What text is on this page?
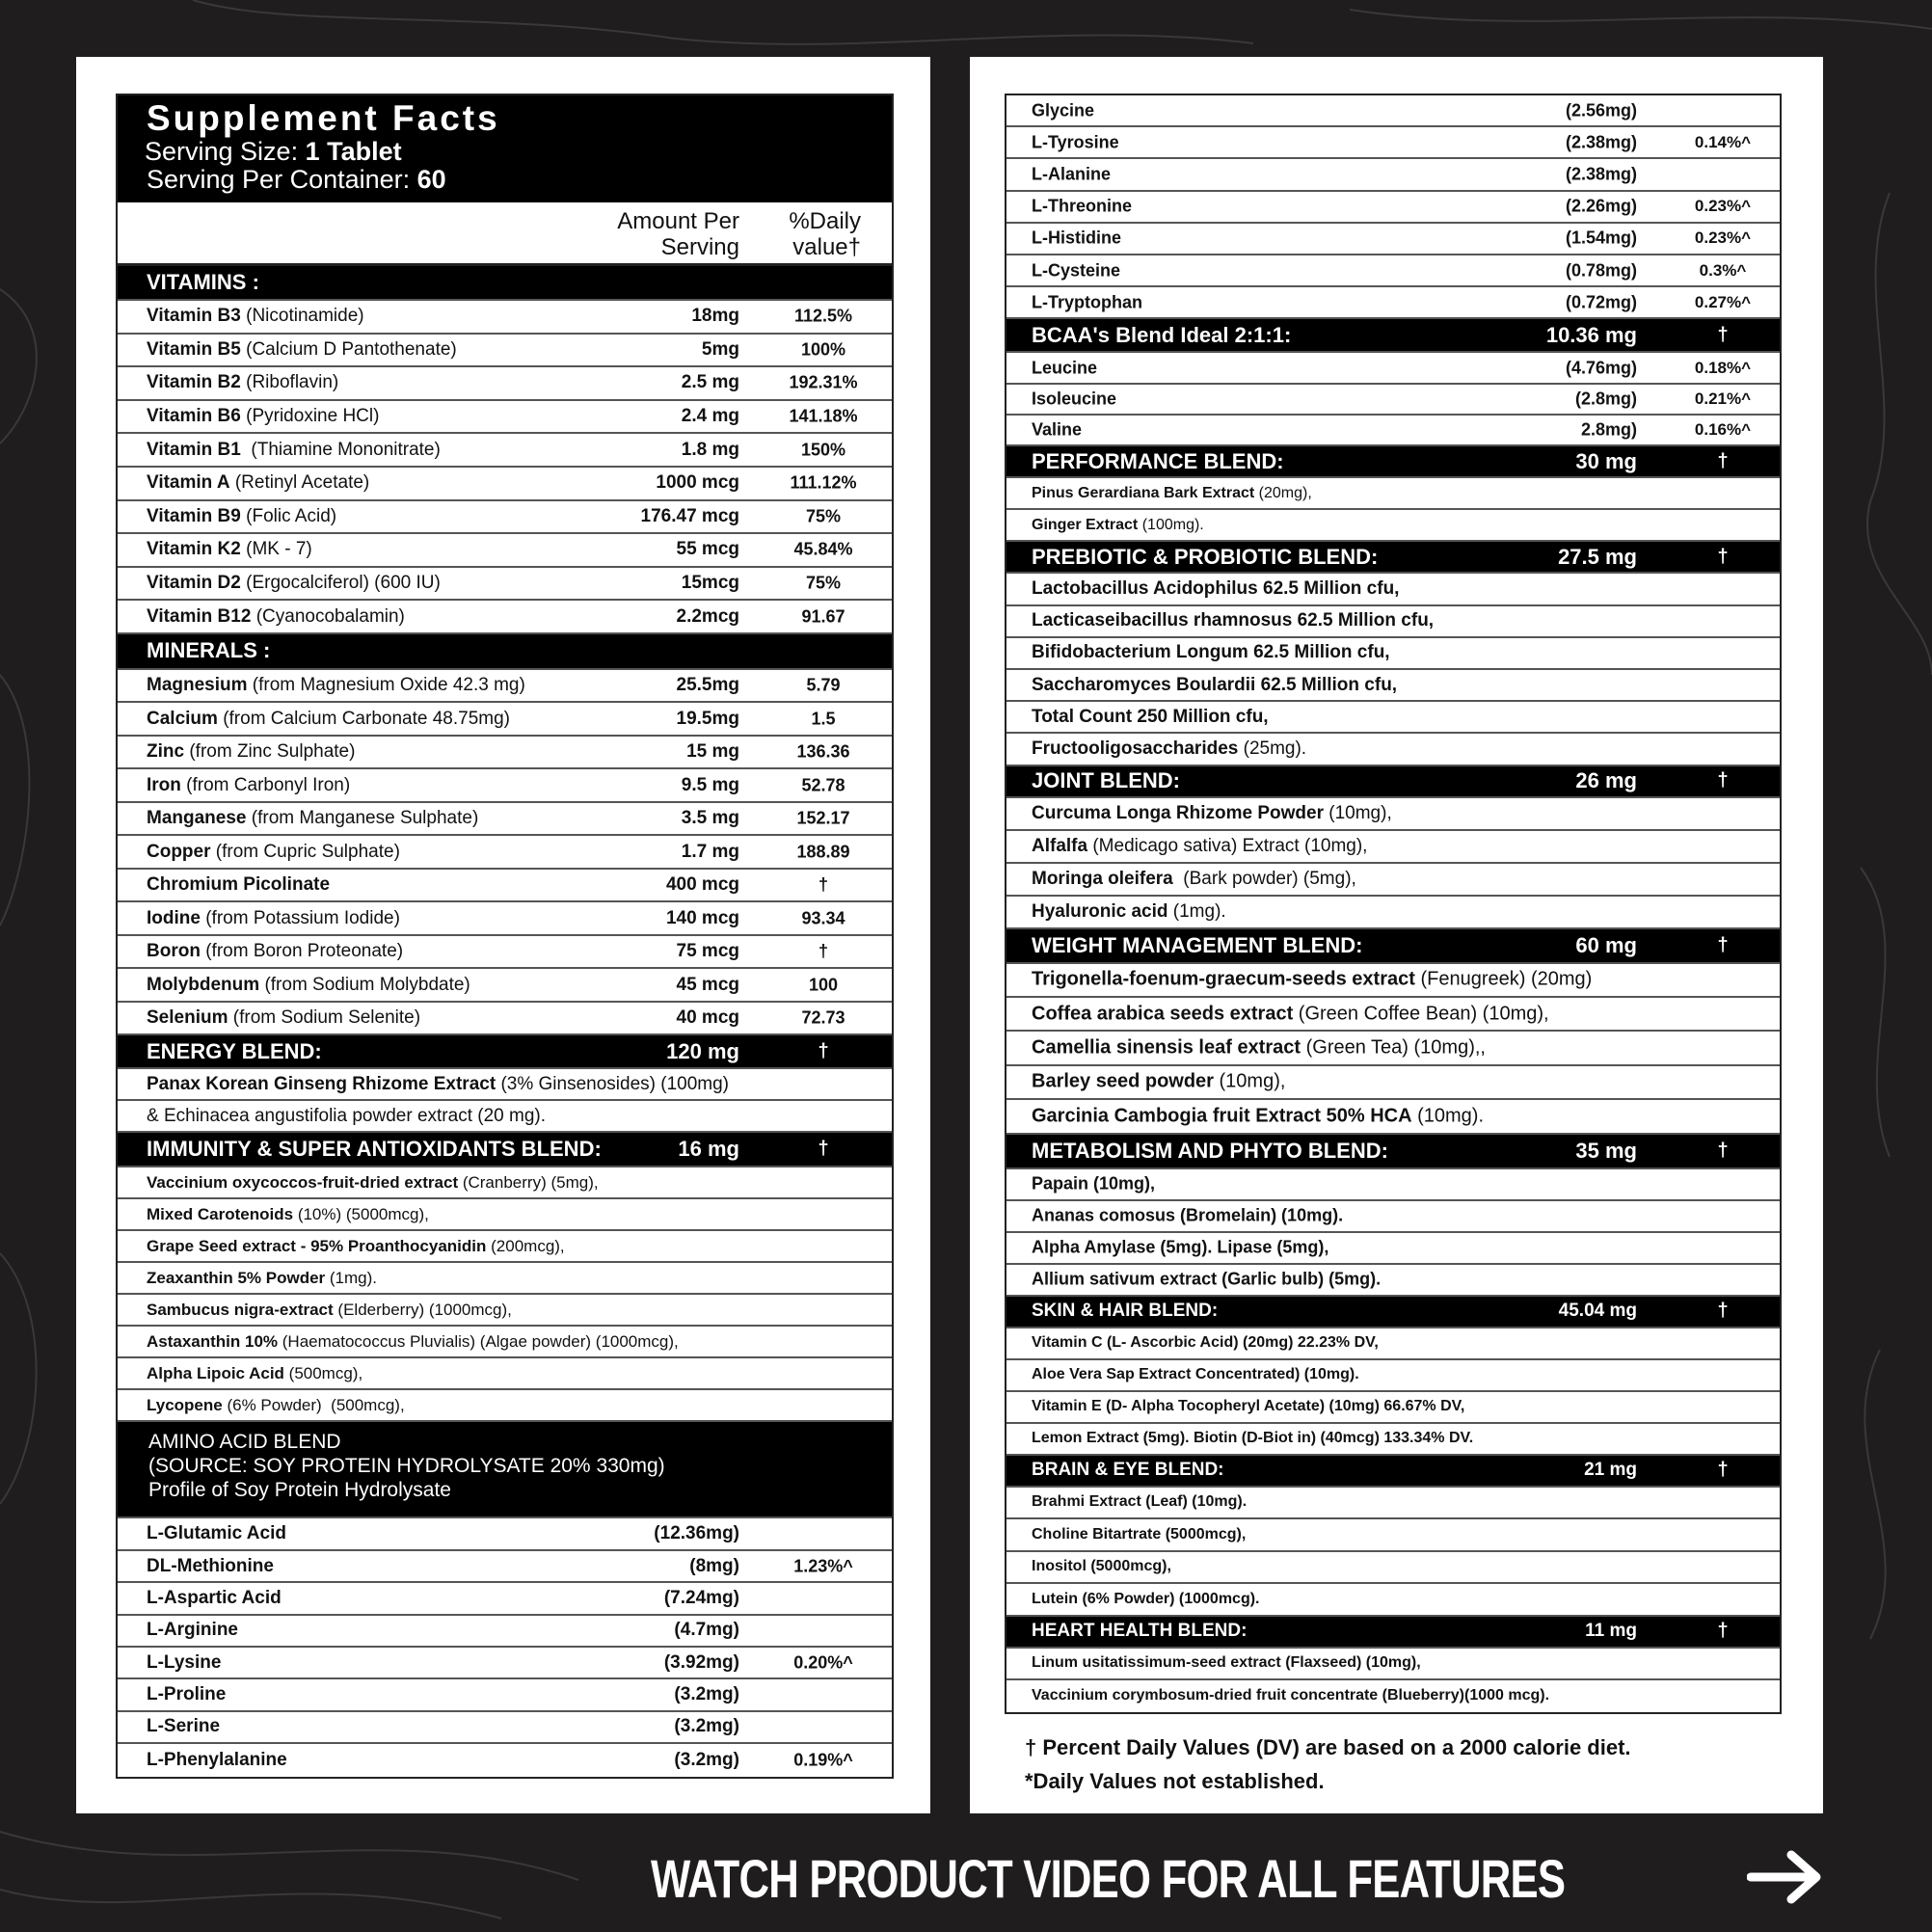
Supplement Facts
Serving Size: 1 Tablet
Serving Per Container: 60
Amount Per
Serving
%Daily
value†
VITAMINS :
Vitamin B3 (Nicotinamide)	18mg	112.5%
Vitamin B5 (Calcium D Pantothenate)	5mg	100%
Vitamin B2 (Riboflavin)	2.5 mg	192.31%
Vitamin B6 (Pyridoxine HCl)	2.4 mg	141.18%
Vitamin B1  (Thiamine Mononitrate)	1.8 mg	150%
Vitamin A (Retinyl Acetate)	1000 mcg	111.12%
Vitamin B9 (Folic Acid)	176.47 mcg	75%
Vitamin K2 (MK - 7)	55 mcg	45.84%
Vitamin D2 (Ergocalciferol) (600 IU)	15mcg	75%
Vitamin B12 (Cyanocobalamin)	2.2mcg	91.67
MINERALS :
Magnesium (from Magnesium Oxide 42.3 mg)	25.5mg	5.79
Calcium (from Calcium Carbonate 48.75mg)	19.5mg	1.5
Zinc (from Zinc Sulphate)	15 mg	136.36
Iron (from Carbonyl Iron)	9.5 mg	52.78
Manganese (from Manganese Sulphate)	3.5 mg	152.17
Copper (from Cupric Sulphate)	1.7 mg	188.89
Chromium Picolinate	400 mcg	†
Iodine (from Potassium Iodide)	140 mcg	93.34
Boron (from Boron Proteonate)	75 mcg	†
Molybdenum (from Sodium Molybdate)	45 mcg	100
Selenium (from Sodium Selenite)	40 mcg	72.73
ENERGY BLEND:	120 mg	†
Panax Korean Ginseng Rhizome Extract (3% Ginsenosides) (100mg)
& Echinacea angustifolia powder extract (20 mg).
IMMUNITY & SUPER ANTIOXIDANTS BLEND:	16 mg	†
Vaccinium oxycoccos-fruit-dried extract (Cranberry) (5mg),
Mixed Carotenoids (10%) (5000mcg),
Grape Seed extract - 95% Proanthocyanidin (200mcg),
Zeaxanthin 5% Powder (1mg).
Sambucus nigra-extract (Elderberry) (1000mcg),
Astaxanthin 10% (Haematococcus Pluvialis) (Algae powder) (1000mcg),
Alpha Lipoic Acid (500mcg),
Lycopene (6% Powder)  (500mcg),
AMINO ACID BLEND
(SOURCE: SOY PROTEIN HYDROLYSATE 20% 330mg)
Profile of Soy Protein Hydrolysate
L-Glutamic Acid	(12.36mg)
DL-Methionine	(8mg)	1.23%^
L-Aspartic Acid	(7.24mg)
L-Arginine	(4.7mg)
L-Lysine	(3.92mg)	0.20%^
L-Proline	(3.2mg)
L-Serine	(3.2mg)
L-Phenylalanine	(3.2mg)	0.19%^
Glycine	(2.56mg)
L-Tyrosine	(2.38mg)	0.14%^
L-Alanine	(2.38mg)
L-Threonine	(2.26mg)	0.23%^
L-Histidine	(1.54mg)	0.23%^
L-Cysteine	(0.78mg)	0.3%^
L-Tryptophan	(0.72mg)	0.27%^
BCAA's Blend Ideal 2:1:1:	10.36 mg	†
Leucine	(4.76mg)	0.18%^
Isoleucine	(2.8mg)	0.21%^
Valine	2.8mg)	0.16%^
PERFORMANCE BLEND:	30 mg	†
Pinus Gerardiana Bark Extract (20mg),
Ginger Extract (100mg).
PREBIOTIC & PROBIOTIC BLEND:	27.5 mg	†
Lactobacillus Acidophilus 62.5 Million cfu,
Lacticaseibacillus rhamnosus 62.5 Million cfu,
Bifidobacterium Longum 62.5 Million cfu,
Saccharomyces Boulardii 62.5 Million cfu,
Total Count 250 Million cfu,
Fructooligosaccharides (25mg).
JOINT BLEND:	26 mg	†
Curcuma Longa Rhizome Powder (10mg),
Alfalfa (Medicago sativa) Extract (10mg),
Moringa oleifera  (Bark powder) (5mg),
Hyaluronic acid (1mg).
WEIGHT MANAGEMENT BLEND:	60 mg	†
Trigonella-foenum-graecum-seeds extract (Fenugreek) (20mg)
Coffea arabica seeds extract (Green Coffee Bean) (10mg),
Camellia sinensis leaf extract (Green Tea) (10mg),,
Barley seed powder (10mg),
Garcinia Cambogia fruit Extract 50% HCA (10mg).
METABOLISM AND PHYTO BLEND:	35 mg	†
Papain (10mg),
Ananas comosus (Bromelain) (10mg).
Alpha Amylase (5mg). Lipase (5mg),
Allium sativum extract (Garlic bulb) (5mg).
SKIN & HAIR BLEND:	45.04 mg	†
Vitamin C (L- Ascorbic Acid) (20mg) 22.23% DV,
Aloe Vera Sap Extract Concentrated) (10mg).
Vitamin E (D- Alpha Tocopheryl Acetate) (10mg) 66.67% DV,
Lemon Extract (5mg). Biotin (D-Biot in) (40mcg) 133.34% DV.
BRAIN & EYE BLEND:	21 mg	†
Brahmi Extract (Leaf) (10mg).
Choline Bitartrate (5000mcg),
Inositol (5000mcg),
Lutein (6% Powder) (1000mcg).
HEART HEALTH BLEND:	11 mg	†
Linum usitatissimum-seed extract (Flaxseed) (10mg),
Vaccinium corymbosum-dried fruit concentrate (Blueberry)(1000 mcg).
† Percent Daily Values (DV) are based on a 2000 calorie diet.
*Daily Values not established.
WATCH PRODUCT VIDEO FOR ALL FEATURES
